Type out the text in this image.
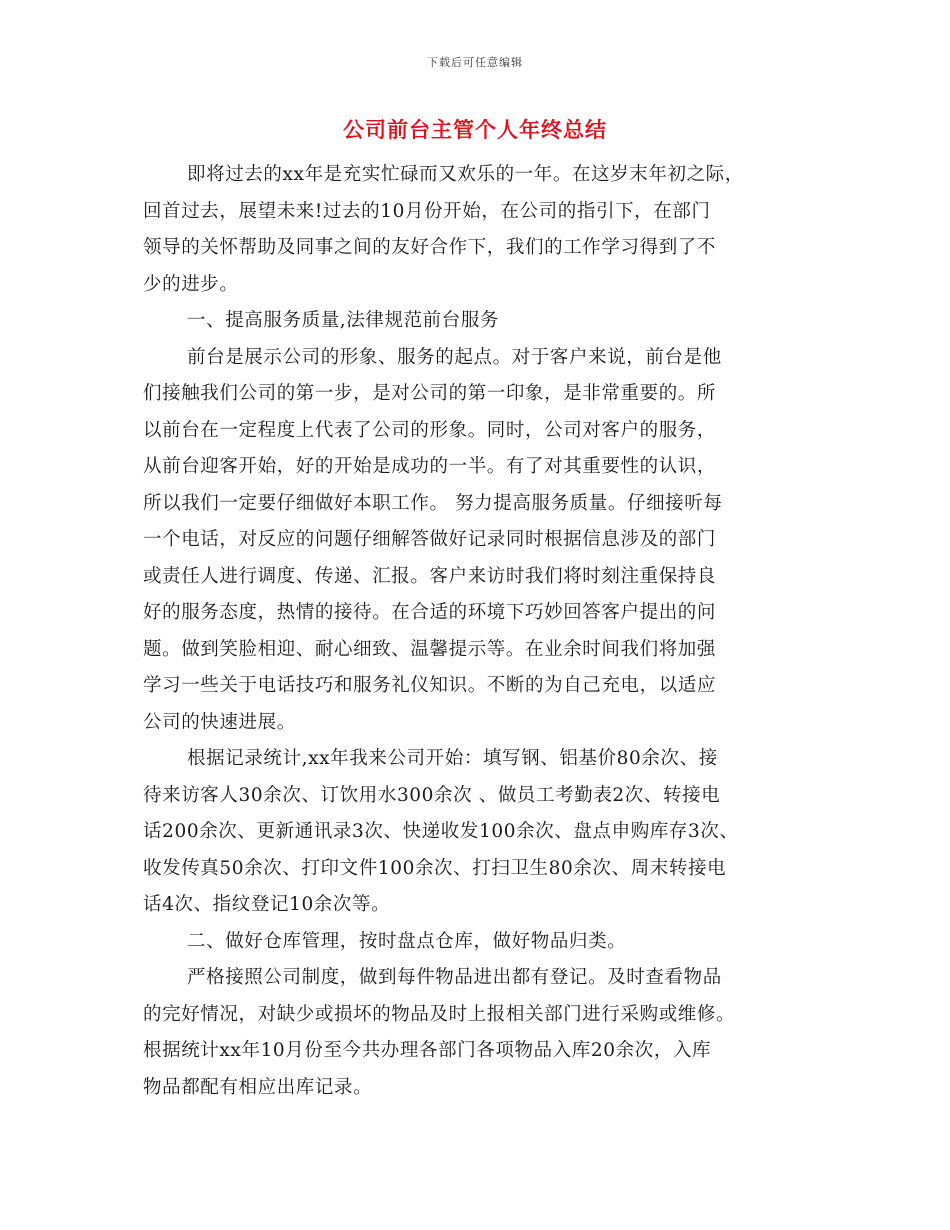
下载后可任意编辑
公司前台主管个人年终总结
即将过去的xx年是充实忙碌而又欢乐的一年。在这岁末年初之际，
回首过去，展望未来!过去的10月份开始，在公司的指引下，在部门
领导的关怀帮助及同事之间的友好合作下，我们的工作学习得到了不
少的进步。
一、提高服务质量,法律规范前台服务
前台是展示公司的形象、服务的起点。对于客户来说，前台是他
们接触我们公司的第一步，是对公司的第一印象，是非常重要的。所
以前台在一定程度上代表了公司的形象。同时，公司对客户的服务，
从前台迎客开始，好的开始是成功的一半。有了对其重要性的认识，
所以我们一定要仔细做好本职工作。 努力提高服务质量。仔细接听每
一个电话，对反应的问题仔细解答做好记录同时根据信息涉及的部门
或责任人进行调度、传递、汇报。客户来访时我们将时刻注重保持良
好的服务态度，热情的接待。在合适的环境下巧妙回答客户提出的问
题。做到笑脸相迎、耐心细致、温馨提示等。在业余时间我们将加强
学习一些关于电话技巧和服务礼仪知识。不断的为自己充电，以适应
公司的快速进展。
根据记录统计,xx年我来公司开始：填写钢、铝基价80余次、接
待来访客人30余次、订饮用水300余次 、做员工考勤表2次、转接电
话200余次、更新通讯录3次、快递收发100余次、盘点申购库存3次、
收发传真50余次、打印文件100余次、打扫卫生80余次、周末转接电
话4次、指纹登记10余次等。
二、做好仓库管理，按时盘点仓库，做好物品归类。
严格接照公司制度，做到每件物品进出都有登记。及时查看物品
的完好情况，对缺少或损坏的物品及时上报相关部门进行采购或维修。
根据统计xx年10月份至今共办理各部门各项物品入库20余次，入库
物品都配有相应出库记录。
